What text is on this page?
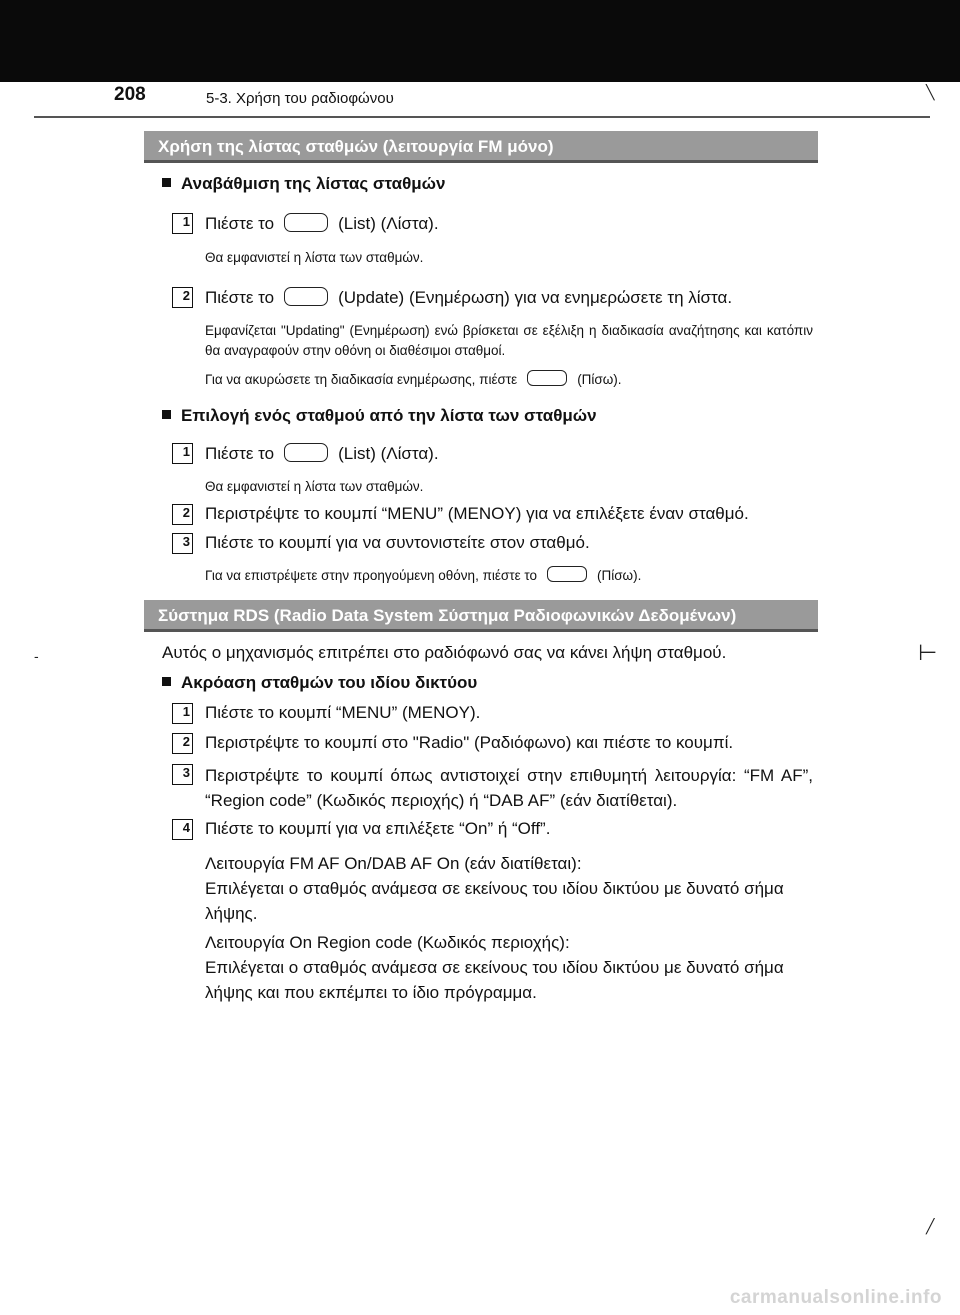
208	5-3. Χρήση του ραδιοφώνου	╲
-	⊢
╱
Χρήση της λίστας σταθμών (λειτουργία FM μόνο)
Αναβάθμιση της λίστας σταθμών
1 Πιέστε το	(List) (Λίστα).
Θα εμφανιστεί η λίστα των σταθμών.
2 Πιέστε το	(Update) (Ενημέρωση) για να ενημερώσετε τη λίστα.
Εμφανίζεται "Updating" (Ενημέρωση) ενώ βρίσκεται σε εξέλιξη η διαδικασία αναζήτησης και κατόπιν θα αναγραφούν στην οθόνη οι διαθέσιμοι σταθμοί.
Για να ακυρώσετε τη διαδικασία ενημέρωσης, πιέστε	(Πίσω).
Επιλογή ενός σταθμού από την λίστα των σταθμών
1 Πιέστε το	(List) (Λίστα).
Θα εμφανιστεί η λίστα των σταθμών.
2 Περιστρέψτε το κουμπί “MENU” (MENOY) για να επιλέξετε έναν σταθμό.
3 Πιέστε το κουμπί για να συντονιστείτε στον σταθμό.
Για να επιστρέψετε στην προηγούμενη οθόνη, πιέστε το	(Πίσω).
Σύστημα RDS (Radio Data System Σύστημα Ραδιοφωνικών Δεδομένων)
Αυτός ο μηχανισμός επιτρέπει στο ραδιόφωνό σας να κάνει λήψη σταθμού.
Ακρόαση σταθμών του ιδίου δικτύου
1 Πιέστε το κουμπί “MENU” (MENOY).
2 Περιστρέψτε το κουμπί στο "Radio" (Ραδιόφωνο) και πιέστε το κουμπί.
3 Περιστρέψτε το κουμπί όπως αντιστοιχεί στην επιθυμητή λειτουργία: “FM AF”, “Region code” (Κωδικός περιοχής) ή “DAB AF” (εάν διατίθεται).
4 Πιέστε το κουμπί για να επιλέξετε “On” ή “Off”.
Λειτουργία FM AF On/DAB AF On (εάν διατίθεται):
Επιλέγεται ο σταθμός ανάμεσα σε εκείνους του ιδίου δικτύου με δυνατό σήμα λήψης.
Λειτουργία On Region code (Κωδικός περιοχής):
Επιλέγεται ο σταθμός ανάμεσα σε εκείνους του ιδίου δικτύου με δυνατό σήμα λήψης και που εκπέμπει το ίδιο πρόγραμμα.
carmanualsonline.info
